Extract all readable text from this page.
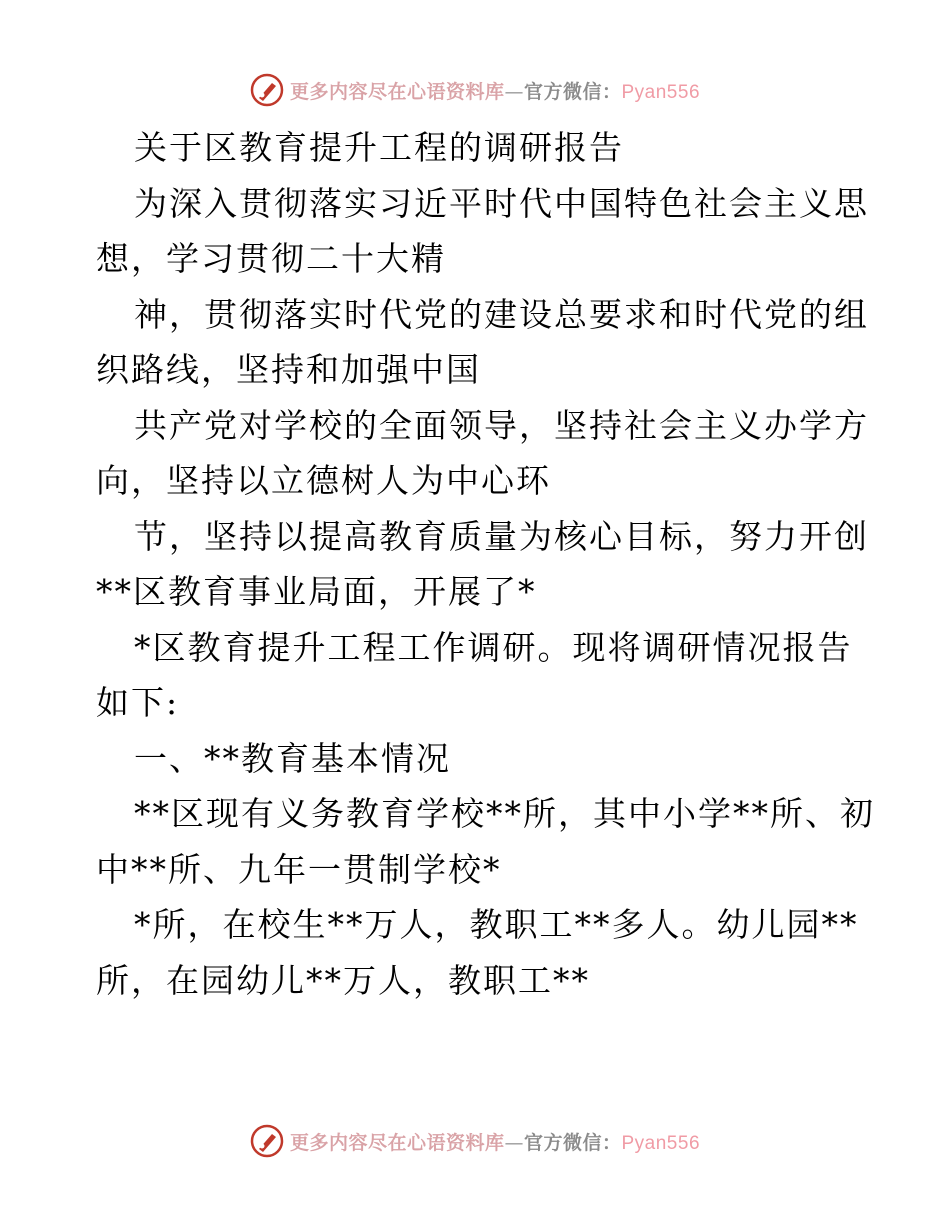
更多内容尽在心语资料库—官方微信：Pyan556
关于区教育提升工程的调研报告
为深入贯彻落实习近平时代中国特色社会主义思
想，学习贯彻二十大精
神，贯彻落实时代党的建设总要求和时代党的组
织路线，坚持和加强中国
共产党对学校的全面领导，坚持社会主义办学方
向，坚持以立德树人为中心环
节，坚持以提高教育质量为核心目标，努力开创
**区教育事业局面，开展了*
*区教育提升工程工作调研。现将调研情况报告
如下:
一、**教育基本情况
**区现有义务教育学校**所，其中小学**所、初
中**所、九年一贯制学校*
*所，在校生**万人，教职工**多人。幼儿园**
所，在园幼儿**万人，教职工**
更多内容尽在心语资料库—官方微信：Pyan556
